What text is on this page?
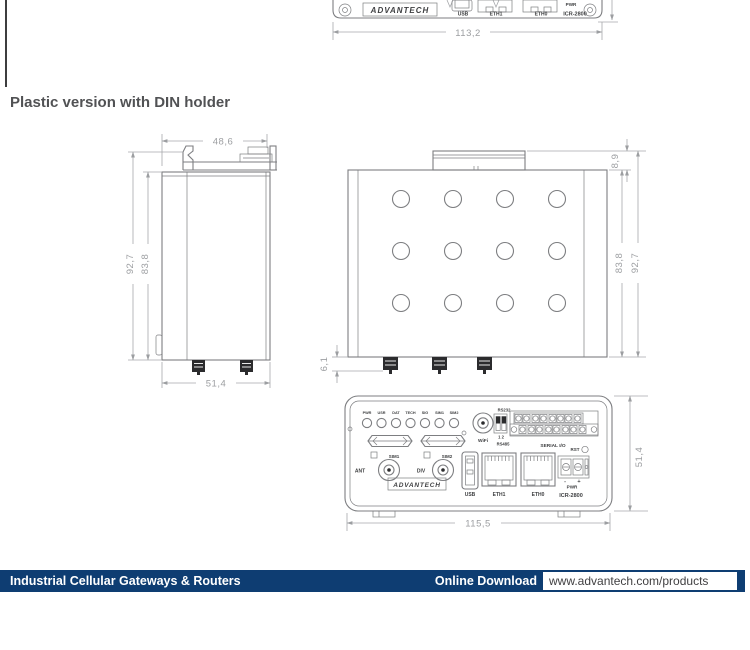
Plastic version with DIN holder
ADVANTECH	USB	ETH1	ETH0
PWR
ICR-2800
113,2
48,6
92,7 83,8
51,4
8,9
83,8 92,7
6,1
PWR USR DAT TECH SIG SIM1 SIM2
WiFi
RS232
1 2
RS485	SERIAL I/O
RST
SIM1	SIM2
ANT	DIV
USB	ETH1	ETH0
- +
PWR
ICR-2800
ADVANTECH
51,4
115,5
Industrial Cellular Gateways & Routers	Online Download	www.advantech.com/products
